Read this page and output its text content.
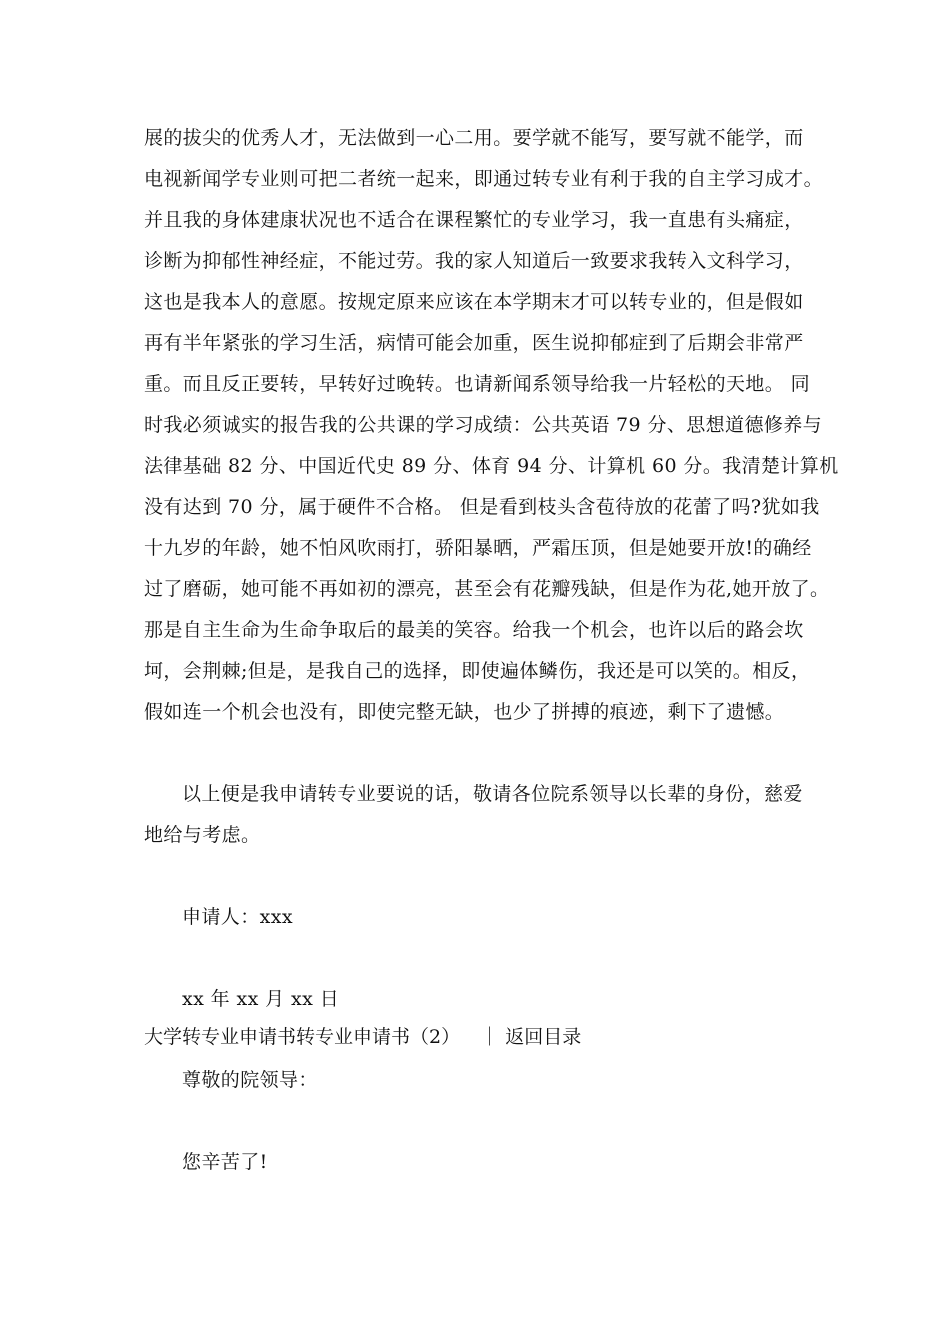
展的拔尖的优秀人才，无法做到一心二用。要学就不能写，要写就不能学，而
电视新闻学专业则可把二者统一起来，即通过转专业有利于我的自主学习成才。
并且我的身体建康状况也不适合在课程繁忙的专业学习，我一直患有头痛症，
诊断为抑郁性神经症，不能过劳。我的家人知道后一致要求我转入文科学习，
这也是我本人的意愿。按规定原来应该在本学期末才可以转专业的，但是假如
再有半年紧张的学习生活，病情可能会加重，医生说抑郁症到了后期会非常严
重。而且反正要转，早转好过晚转。也请新闻系领导给我一片轻松的天地。 同
时我必须诚实的报告我的公共课的学习成绩：公共英语 79 分、思想道德修养与
法律基础 82 分、中国近代史 89 分、体育 94 分、计算机 60 分。我清楚计算机
没有达到 70 分，属于硬件不合格。 但是看到枝头含苞待放的花蕾了吗?犹如我
十九岁的年龄，她不怕风吹雨打，骄阳暴晒，严霜压顶，但是她要开放!的确经
过了磨砺，她可能不再如初的漂亮，甚至会有花瓣残缺，但是作为花,她开放了。
那是自主生命为生命争取后的最美的笑容。给我一个机会，也许以后的路会坎
坷，会荆棘;但是，是我自己的选择，即使遍体鳞伤，我还是可以笑的。相反，
假如连一个机会也没有，即使完整无缺，也少了拼搏的痕迹，剩下了遗憾。
以上便是我申请转专业要说的话，敬请各位院系领导以长辈的身份，慈爱
地给与考虑。
申请人：xxx
xx 年 xx 月 xx 日
大学转专业申请书转专业申请书（2） ｜ 返回目录
尊敬的院领导：
您辛苦了!
